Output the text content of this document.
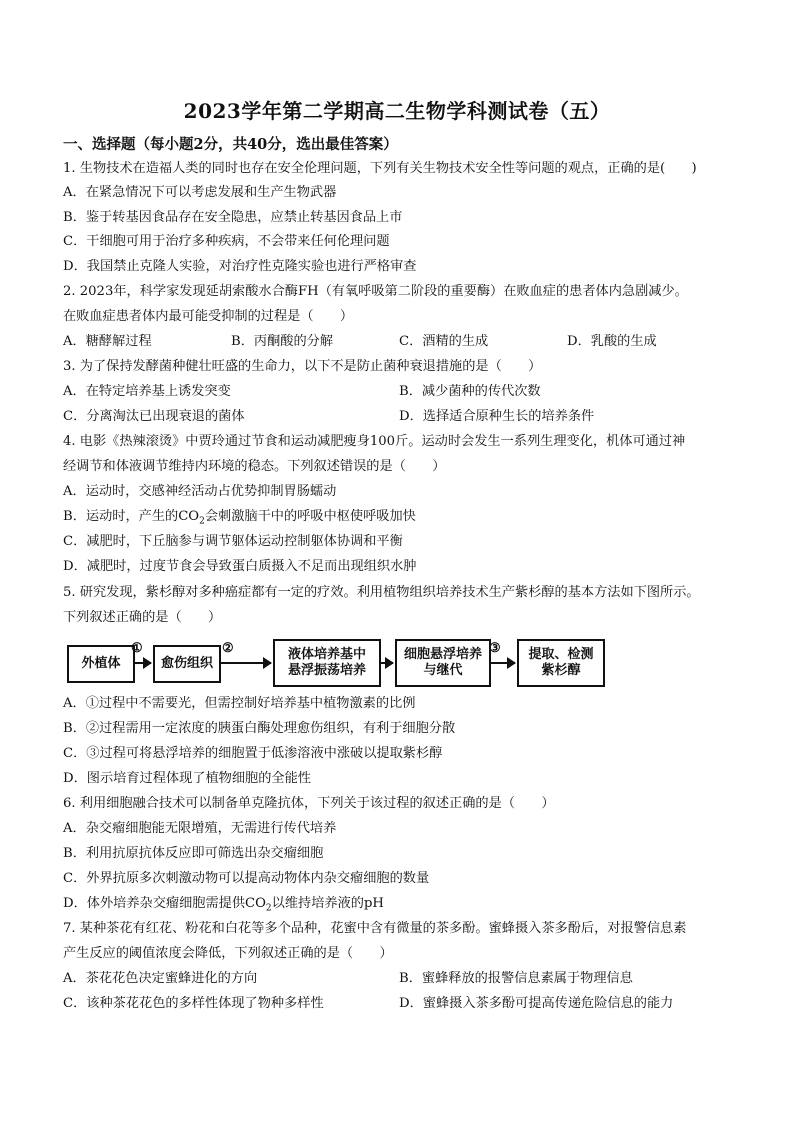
2023学年第二学期高二生物学科测试卷（五）
一、选择题（每小题2分，共40分，选出最佳答案）
1. 生物技术在造福人类的同时也存在安全伦理问题，下列有关生物技术安全性等问题的观点，正确的是(　　)
A．在紧急情况下可以考虑发展和生产生物武器
B．鉴于转基因食品存在安全隐患，应禁止转基因食品上市
C．干细胞可用于治疗多种疾病，不会带来任何伦理问题
D．我国禁止克隆人实验，对治疗性克隆实验也进行严格审查
2. 2023年，科学家发现延胡索酸水合酶FH（有氧呼吸第二阶段的重要酶）在败血症的患者体内急剧减少。
在败血症患者体内最可能受抑制的过程是（　　）
A．糖酵解过程	B．丙酮酸的分解	C．酒精的生成	D．乳酸的生成
3. 为了保持发酵菌种健壮旺盛的生命力，以下不是防止菌种衰退措施的是（　　）
A．在特定培养基上诱发突变	B．减少菌种的传代次数
C．分离淘汰已出现衰退的菌体	D．选择适合原种生长的培养条件
4. 电影《热辣滚烫》中贾玲通过节食和运动减肥瘦身100斤。运动时会发生一系列生理变化，机体可通过神
经调节和体液调节维持内环境的稳态。下列叙述错误的是（　　）
A．运动时，交感神经活动占优势抑制胃肠蠕动
B．运动时，产生的$CO_2$会刺激脑干中的呼吸中枢使呼吸加快
C．减肥时，下丘脑参与调节躯体运动控制躯体协调和平衡
D．减肥时，过度节食会导致蛋白质摄入不足而出现组织水肿
5. 研究发现，紫杉醇对多种癌症都有一定的疗效。利用植物组织培养技术生产紫杉醇的基本方法如下图所示。
下列叙述正确的是（　　）
外植体
①
愈伤组织
②	液体培养基中
悬浮振荡培养
细胞悬浮培养
与继代
③ 提取、检测
紫杉醇
A．①过程中不需要光，但需控制好培养基中植物激素的比例
B．②过程需用一定浓度的胰蛋白酶处理愈伤组织，有利于细胞分散
C．③过程可将悬浮培养的细胞置于低渗溶液中涨破以提取紫杉醇
D．图示培育过程体现了植物细胞的全能性
6. 利用细胞融合技术可以制备单克隆抗体，下列关于该过程的叙述正确的是（　　）
A．杂交瘤细胞能无限增殖，无需进行传代培养
B．利用抗原抗体反应即可筛选出杂交瘤细胞
C．外界抗原多次刺激动物可以提高动物体内杂交瘤细胞的数量
D．体外培养杂交瘤细胞需提供$CO_2$以维持培养液的pH
7. 某种茶花有红花、粉花和白花等多个品种，花蜜中含有微量的茶多酚。蜜蜂摄入茶多酚后，对报警信息素
产生反应的阈值浓度会降低，下列叙述正确的是（　　）
A．茶花花色决定蜜蜂进化的方向	B．蜜蜂释放的报警信息素属于物理信息
C．该种茶花花色的多样性体现了物种多样性	D．蜜蜂摄入茶多酚可提高传递危险信息的能力
